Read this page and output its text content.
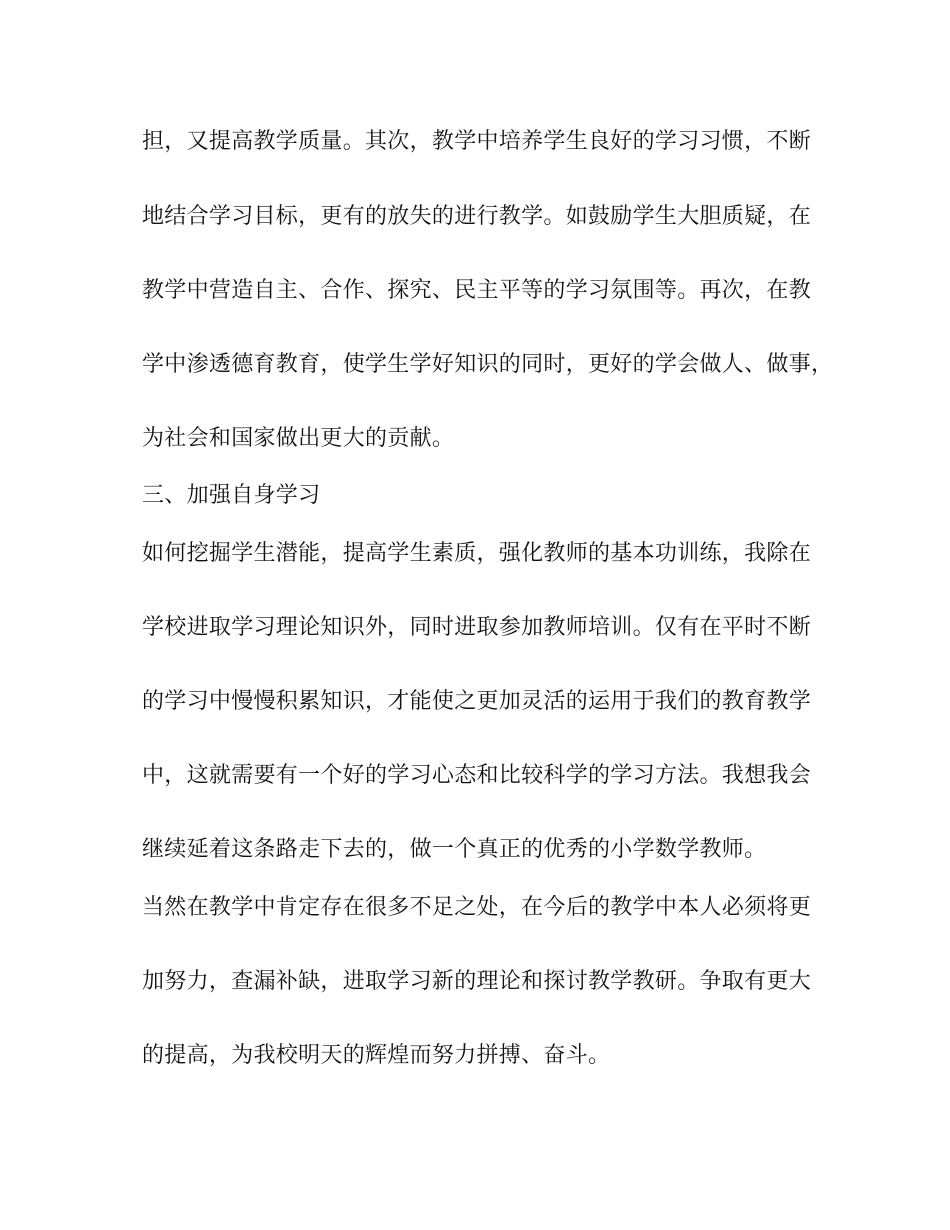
担，又提高教学质量。其次，教学中培养学生良好的学习习惯，不断
地结合学习目标，更有的放失的进行教学。如鼓励学生大胆质疑，在
教学中营造自主、合作、探究、民主平等的学习氛围等。再次，在教
学中渗透德育教育，使学生学好知识的同时，更好的学会做人、做事，
为社会和国家做出更大的贡献。
三、加强自身学习
如何挖掘学生潜能，提高学生素质，强化教师的基本功训练，我除在
学校进取学习理论知识外，同时进取参加教师培训。仅有在平时不断
的学习中慢慢积累知识，才能使之更加灵活的运用于我们的教育教学
中，这就需要有一个好的学习心态和比较科学的学习方法。我想我会
继续延着这条路走下去的，做一个真正的优秀的小学数学教师。
当然在教学中肯定存在很多不足之处，在今后的教学中本人必须将更
加努力，查漏补缺，进取学习新的理论和探讨教学教研。争取有更大
的提高，为我校明天的辉煌而努力拼搏、奋斗。
